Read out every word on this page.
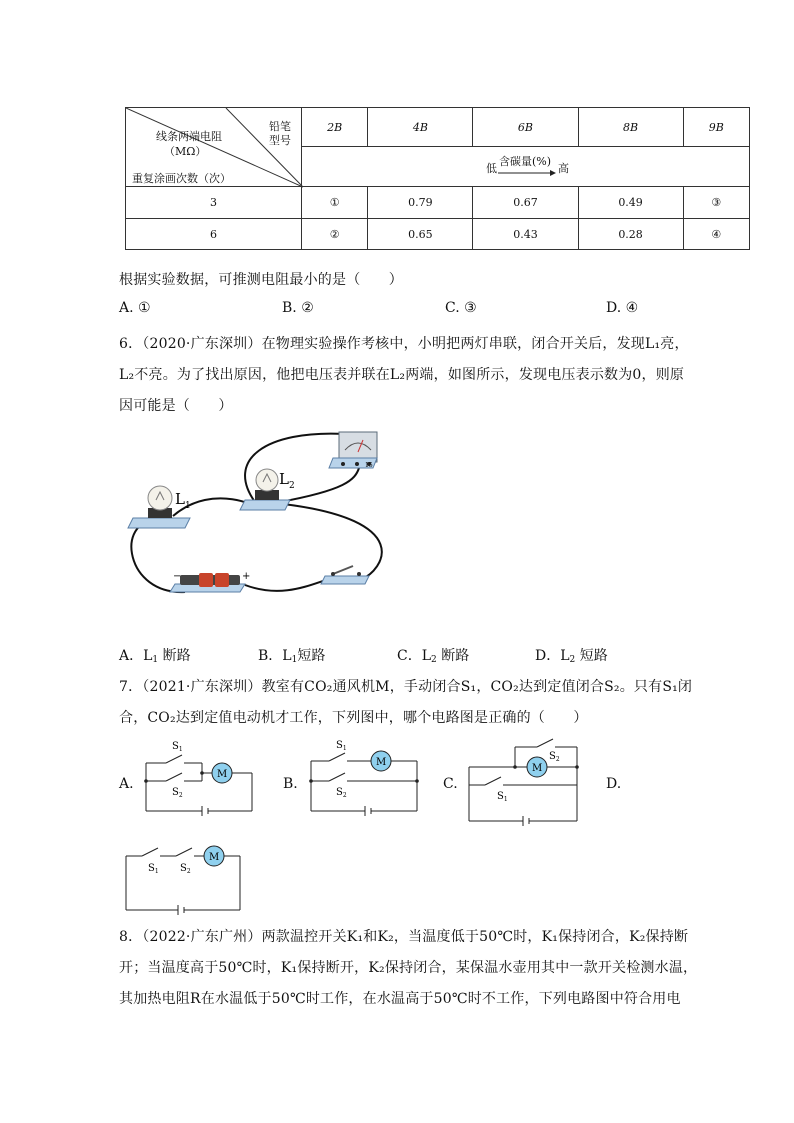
铅笔
型号
线条两端电阻
（MΩ）
重复涂画次数（次）	2B	4B	6B	8B	9B

	低
含碳量(%)
高				

3	①	0.79	0.67	0.49	③
6	②	0.65	0.43	0.28	④
根据实验数据，可推测电阻最小的是（　　）
A. ①	B. ②	C. ③	D. ④
6．（2020·广东深圳）在物理实验操作考核中，小明把两灯串联，闭合开关后，发现L₁亮，
L₂不亮。为了找出原因，他把电压表并联在L₂两端，如图所示，发现电压表示数为0，则原
因可能是（　　）
$L_1$
$L_2$
15
−	+
A．$L_1$ 断路	B．$L_1$短路	C．$L_2$ 断路	D．$L_2$ 短路
7．（2021·广东深圳）教室有CO₂通风机M，手动闭合S₁，CO₂达到定值闭合S₂。只有S₁闭
合，CO₂达到定值电动机才工作，下列图中，哪个电路图是正确的（　　）
A.	B.	C.	D.
M
$S_1$
$S_2$
M
$S_1$
$S_2$
M
$S_2$
$S_1$
M
$S_1$ $S_2$
8．（2022·广东广州）两款温控开关K₁和K₂，当温度低于50℃时，K₁保持闭合，K₂保持断
开；当温度高于50℃时，K₁保持断开，K₂保持闭合，某保温水壶用其中一款开关检测水温，
其加热电阻R在水温低于50℃时工作，在水温高于50℃时不工作，下列电路图中符合用电
